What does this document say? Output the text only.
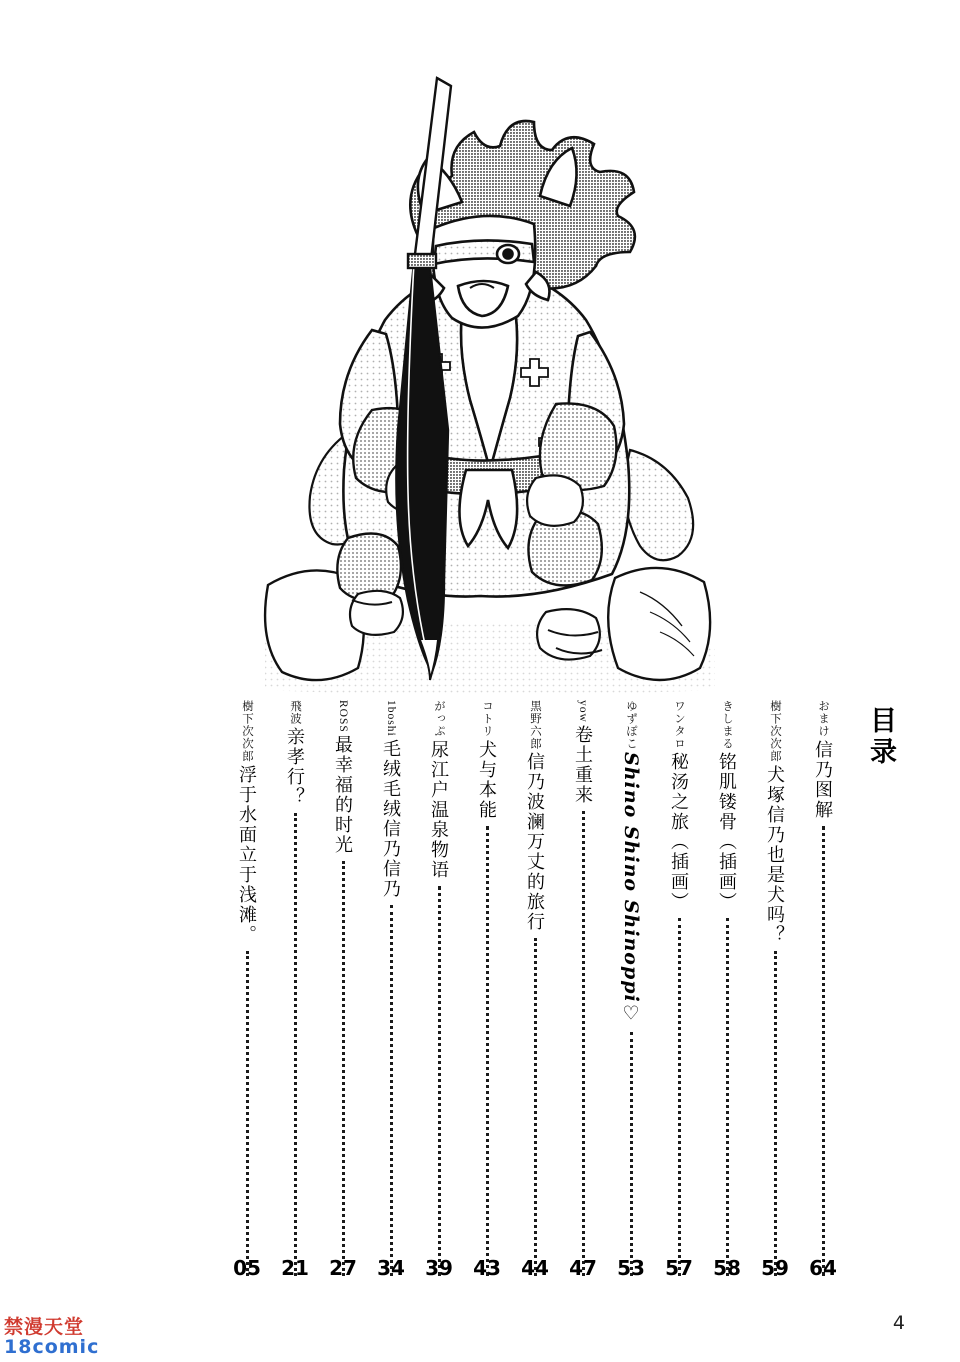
目录
樹下次次郎
浮于水面立于浅滩。
05
飛波
亲孝行？
21
ROSS
最幸福的时光
27
1boshi
毛绒毛绒信乃信乃
34
がっぷ
尿江户温泉物语
39
コトリ
犬与本能
43
黒野六郎
信乃波澜万丈的旅行
44
yow
卷土重来
47
ゆずぽこ
Shino Shino Shinoppi♡
53
ワンタロ
秘汤之旅（插画）
57
きしまる
铭肌镂骨（插画）
58
樹下次次郎
犬塚信乃也是犬吗？
59
おまけ
信乃图解
64
4
禁漫天堂
18comic
